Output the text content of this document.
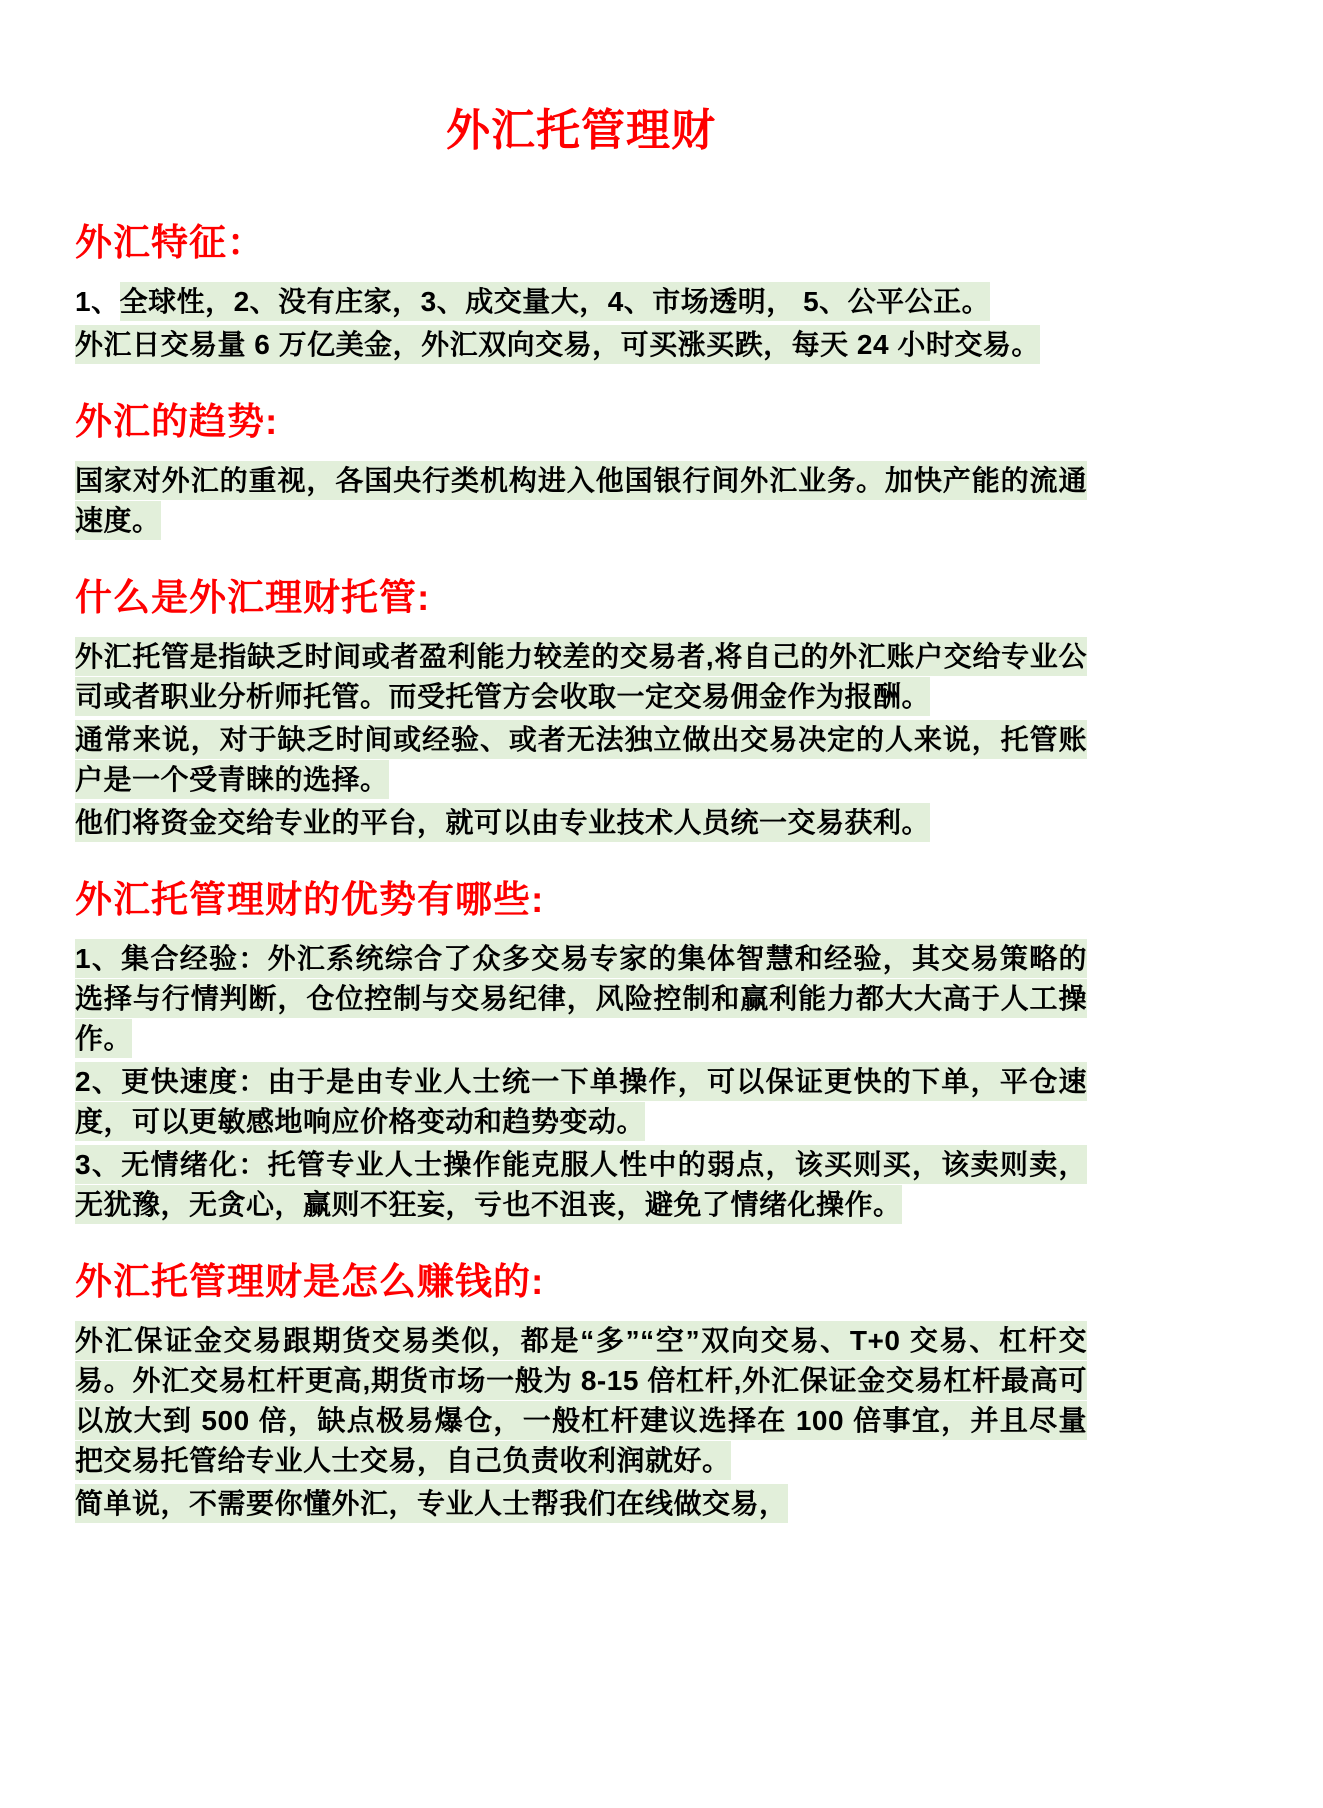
外汇托管理财
外汇特征：

1、全球性，2、没有庄家，3、成交量大，4、市场透明， 5、公平公正。

外汇日交易量 6 万亿美金，外汇双向交易，可买涨买跌，每天 24 小时交易。

外汇的趋势:

国家对外汇的重视，各国央行类机构进入他国银行间外汇业务。加快产能的流通速度。

什么是外汇理财托管:

外汇托管是指缺乏时间或者盈利能力较差的交易者,将自己的外汇账户交给专业公司或者职业分析师托管。而受托管方会收取一定交易佣金作为报酬。

通常来说，对于缺乏时间或经验、或者无法独立做出交易决定的人来说，托管账户是一个受青睐的选择。

他们将资金交给专业的平台，就可以由专业技术人员统一交易获利。

外汇托管理财的优势有哪些:

1、集合经验：外汇系统综合了众多交易专家的集体智慧和经验，其交易策略的选择与行情判断，仓位控制与交易纪律，风险控制和赢利能力都大大高于人工操作。

2、更快速度：由于是由专业人士统一下单操作，可以保证更快的下单，平仓速度，可以更敏感地响应价格变动和趋势变动。

3、无情绪化：托管专业人士操作能克服人性中的弱点，该买则买，该卖则卖，无犹豫，无贪心，赢则不狂妄，亏也不沮丧，避免了情绪化操作。

外汇托管理财是怎么赚钱的:

外汇保证金交易跟期货交易类似，都是“多”“空”双向交易、T+0 交易、杠杆交易。外汇交易杠杆更高,期货市场一般为 8-15 倍杠杆,外汇保证金交易杠杆最高可以放大到 500 倍，缺点极易爆仓，一般杠杆建议选择在 100 倍事宜，并且尽量把交易托管给专业人士交易，自己负责收利润就好。

简单说，不需要你懂外汇，专业人士帮我们在线做交易，
